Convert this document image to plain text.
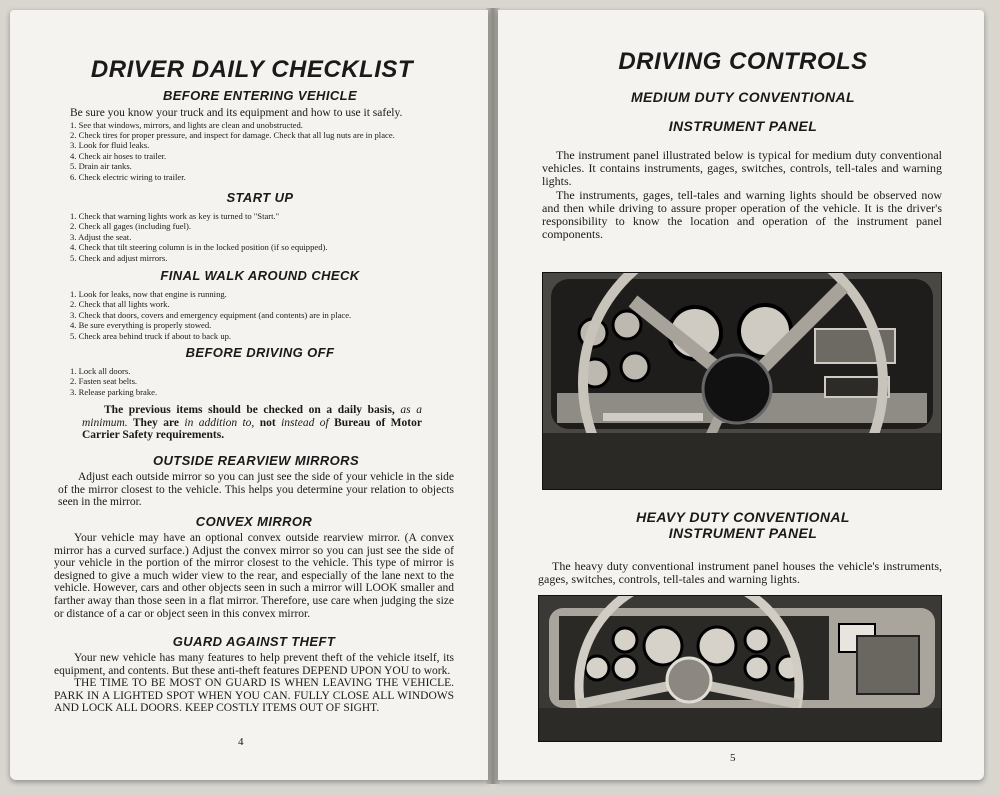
DRIVER DAILY CHECKLIST
BEFORE ENTERING VEHICLE

Be sure you know your truck and its equipment and how to use it safely.

1. See that windows, mirrors, and lights are clean and unobstructed.
2. Check tires for proper pressure, and inspect for damage. Check that all lug nuts are in place.
3. Look for fluid leaks.
4. Check air hoses to trailer.
5. Drain air tanks.
6. Check electric wiring to trailer.
START UP
1. Check that warning lights work as key is turned to "Start."
2. Check all gages (including fuel).
3. Adjust the seat.
4. Check that tilt steering column is in the locked position (if so equipped).
5. Check and adjust mirrors.
FINAL WALK AROUND CHECK
1. Look for leaks, now that engine is running.
2. Check that all lights work.
3. Check that doors, covers and emergency equipment (and contents) are in place.
4. Be sure everything is properly stowed.
5. Check area behind truck if about to back up.
BEFORE DRIVING OFF
1. Lock all doors.
2. Fasten seat belts.
3. Release parking brake.
The previous items should be checked on a daily basis, as a minimum. They are in addition to, not instead of Bureau of Motor Carrier Safety requirements.
OUTSIDE REARVIEW MIRRORS

Adjust each outside mirror so you can just see the side of your vehicle in the side of the mirror closest to the vehicle. This helps you determine your relation to objects seen in the mirror.

CONVEX MIRROR

Your vehicle may have an optional convex outside rearview mirror. (A convex mirror has a curved surface.) Adjust the convex mirror so you can just see the side of your vehicle in the portion of the mirror closest to the vehicle. This type of mirror is designed to give a much wider view to the rear, and especially of the lane next to the vehicle. However, cars and other objects seen in such a mirror will LOOK smaller and farther away than those seen in a flat mirror. Therefore, use care when judging the size or distance of a car or object seen in this convex mirror.

GUARD AGAINST THEFT

Your new vehicle has many features to help prevent theft of the vehicle itself, its equipment, and contents. But these anti-theft features DEPEND UPON YOU to work.

THE TIME TO BE MOST ON GUARD IS WHEN LEAVING THE VEHICLE. PARK IN A LIGHTED SPOT WHEN YOU CAN. FULLY CLOSE ALL WINDOWS AND LOCK ALL DOORS. KEEP COSTLY ITEMS OUT OF SIGHT.

4
DRIVING CONTROLS
MEDIUM DUTY CONVENTIONAL
INSTRUMENT PANEL

The instrument panel illustrated below is typical for medium duty conventional vehicles. It contains instruments, gages, switches, controls, tell-tales and warning lights.

The instruments, gages, tell-tales and warning lights should be observed now and then while driving to assure proper operation of the vehicle. It is the driver's responsibility to know the location and operation of the instrument panel components.

HEAVY DUTY CONVENTIONAL
INSTRUMENT PANEL

The heavy duty conventional instrument panel houses the vehicle's instruments, gages, switches, controls, tell-tales and warning lights.

5
